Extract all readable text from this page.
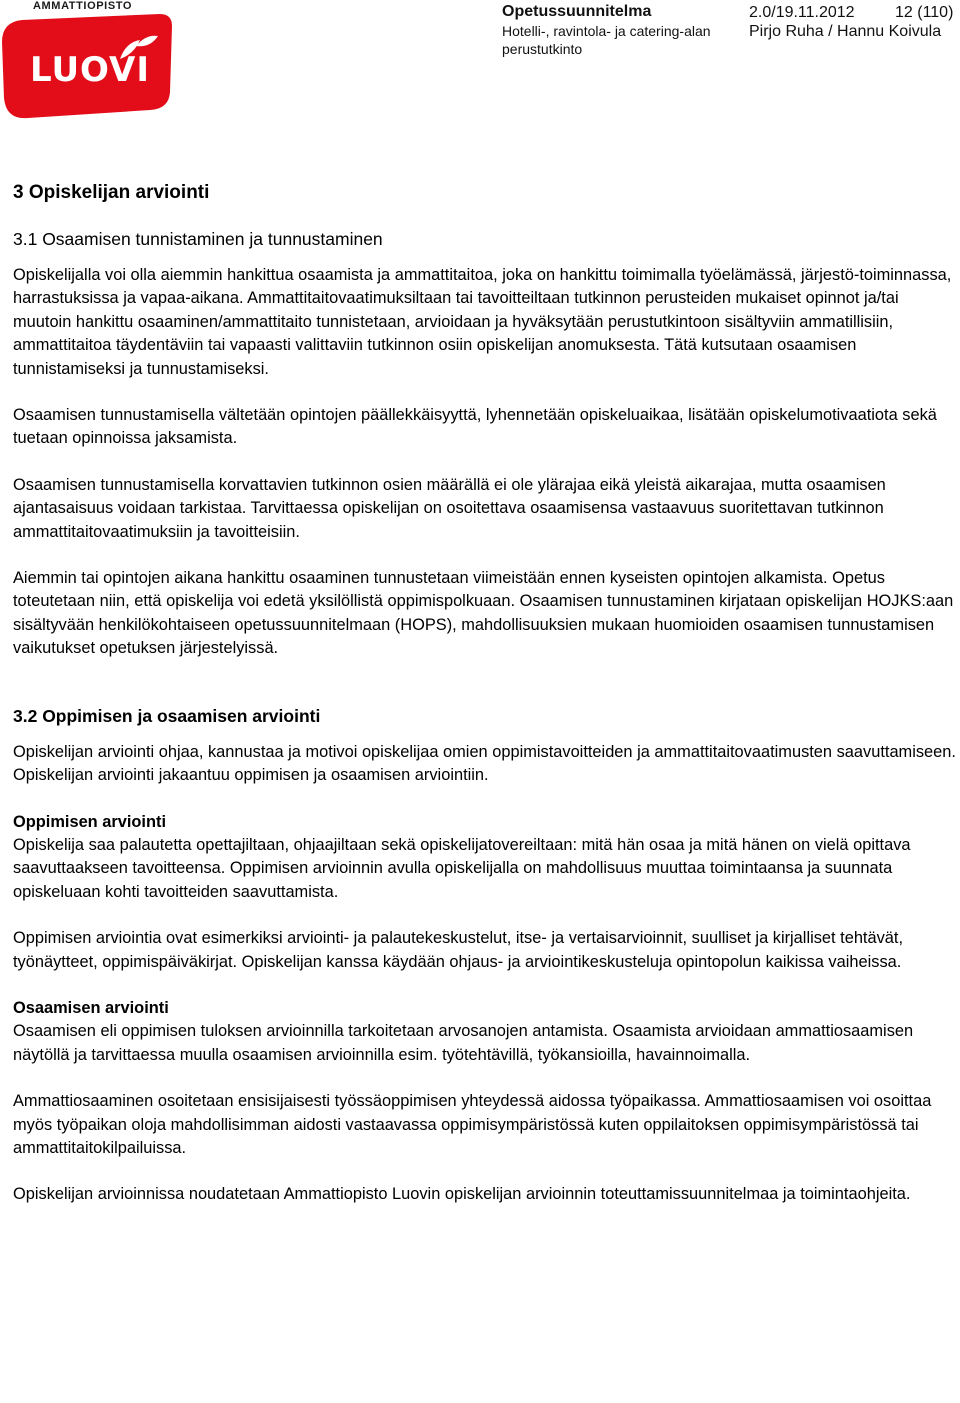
AMMATTIOPISTO
LUOVI
Opetussuunnitelma
Hotelli-, ravintola- ja catering-alan perustutkinto
2.0/19.11.2012	12 (110)
Pirjo Ruha / Hannu Koivula
3 Opiskelijan arviointi
3.1 Osaamisen tunnistaminen ja tunnustaminen

Opiskelijalla voi olla aiemmin hankittua osaamista ja ammattitaitoa, joka on hankittu toimimalla työelämässä, järjestö-toiminnassa, harrastuksissa ja vapaa-aikana. Ammattitaitovaatimuksiltaan tai tavoitteiltaan tutkinnon perusteiden mukaiset opinnot ja/tai muutoin hankittu osaaminen/ammattitaito tunnistetaan, arvioidaan ja hyväksytään perustutkintoon sisältyviin ammatillisiin, ammattitaitoa täydentäviin tai vapaasti valittaviin tutkinnon osiin opiskelijan anomuksesta. Tätä kutsutaan osaamisen tunnistamiseksi ja tunnustamiseksi.

Osaamisen tunnustamisella vältetään opintojen päällekkäisyyttä, lyhennetään opiskeluaikaa, lisätään opiskelumotivaatiota sekä tuetaan opinnoissa jaksamista.

Osaamisen tunnustamisella korvattavien tutkinnon osien määrällä ei ole ylärajaa eikä yleistä aikarajaa, mutta osaamisen ajantasaisuus voidaan tarkistaa. Tarvittaessa opiskelijan on osoitettava osaamisensa vastaavuus suoritettavan tutkinnon ammattitaitovaatimuksiin ja tavoitteisiin.

Aiemmin tai opintojen aikana hankittu osaaminen tunnustetaan viimeistään ennen kyseisten opintojen alkamista. Opetus toteutetaan niin, että opiskelija voi edetä yksilöllistä oppimispolkuaan. Osaamisen tunnustaminen kirjataan opiskelijan HOJKS:aan sisältyvään henkilökohtaiseen opetussuunnitelmaan (HOPS), mahdollisuuksien mukaan huomioiden osaamisen tunnustamisen vaikutukset opetuksen järjestelyissä.

3.2 Oppimisen ja osaamisen arviointi

Opiskelijan arviointi ohjaa, kannustaa ja motivoi opiskelijaa omien oppimistavoitteiden ja ammattitaitovaatimusten saavuttamiseen. Opiskelijan arviointi jakaantuu oppimisen ja osaamisen arviointiin.

Oppimisen arviointi
Opiskelija saa palautetta opettajiltaan, ohjaajiltaan sekä opiskelijatovereiltaan: mitä hän osaa ja mitä hänen on vielä opittava saavuttaakseen tavoitteensa. Oppimisen arvioinnin avulla opiskelijalla on mahdollisuus muuttaa toimintaansa ja suunnata opiskeluaan kohti tavoitteiden saavuttamista.

Oppimisen arviointia ovat esimerkiksi arviointi- ja palautekeskustelut, itse- ja vertaisarvioinnit, suulliset ja kirjalliset tehtävät, työnäytteet, oppimispäiväkirjat. Opiskelijan kanssa käydään ohjaus- ja arviointikeskusteluja opintopolun kaikissa vaiheissa.

Osaamisen arviointi
Osaamisen eli oppimisen tuloksen arvioinnilla tarkoitetaan arvosanojen antamista. Osaamista arvioidaan ammattiosaamisen näytöllä ja tarvittaessa muulla osaamisen arvioinnilla esim. työtehtävillä, työkansioilla, havainnoimalla.

Ammattiosaaminen osoitetaan ensisijaisesti työssäoppimisen yhteydessä aidossa työpaikassa. Ammattiosaamisen voi osoittaa myös työpaikan oloja mahdollisimman aidosti vastaavassa oppimisympäristössä kuten oppilaitoksen oppimisympäristössä tai ammattitaitokilpailuissa.

Opiskelijan arvioinnissa noudatetaan Ammattiopisto Luovin opiskelijan arvioinnin toteuttamissuunnitelmaa ja toimintaohjeita.
